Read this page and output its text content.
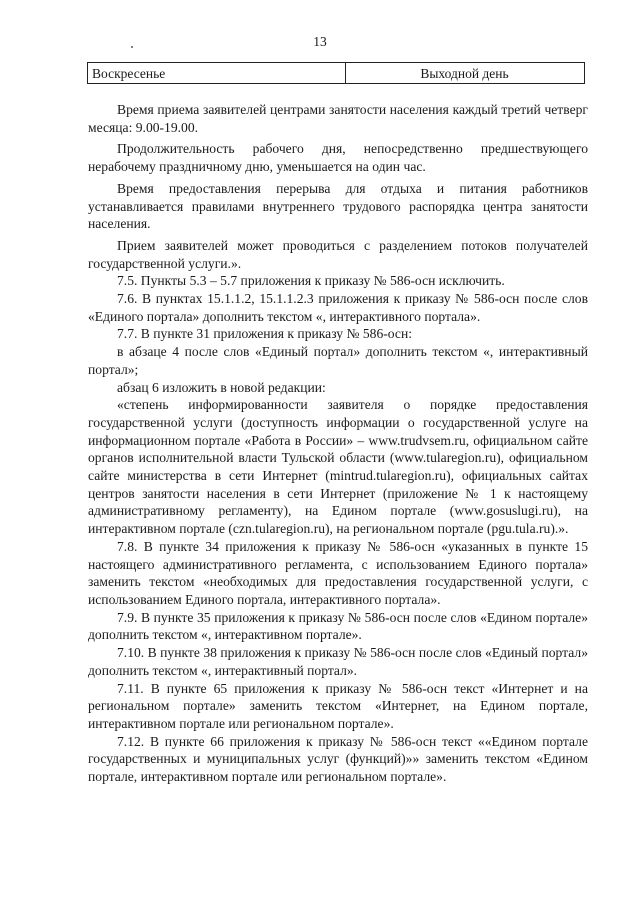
13
Воскресенье	Выходной день

Время приема заявителей центрами занятости населения каждый третий четверг месяца: 9.00-19.00.

Продолжительность рабочего дня, непосредственно предшествующего нерабочему праздничному дню, уменьшается на один час.

Время предоставления перерыва для отдыха и питания работников устанавливается правилами внутреннего трудового распорядка центра занятости населения.

Прием заявителей может проводиться с разделением потоков получателей государственной услуги.».

7.5. Пункты 5.3 – 5.7 приложения к приказу № 586-осн исключить.

7.6. В пунктах 15.1.1.2, 15.1.1.2.3 приложения к приказу № 586-осн после слов «Единого портала» дополнить текстом «, интерактивного портала».

7.7. В пункте 31 приложения к приказу № 586-осн:

в абзаце 4 после слов «Единый портал» дополнить текстом «, интерактивный портал»;

абзац 6 изложить в новой редакции:

«степень информированности заявителя о порядке предоставления государственной услуги (доступность информации о государственной услуге на информационном портале «Работа в России» – www.trudvsem.ru, официальном сайте органов исполнительной власти Тульской области (www.tularegion.ru), официальном сайте министерства в сети Интернет (mintrud.tularegion.ru), официальных сайтах центров занятости населения в сети Интернет (приложение № 1 к настоящему административному регламенту), на Едином портале (www.gosuslugi.ru), на интерактивном портале (czn.tularegion.ru), на региональном портале (pgu.tula.ru).».

7.8. В пункте 34 приложения к приказу № 586-осн «указанных в пункте 15 настоящего административного регламента, с использованием Единого портала» заменить текстом «необходимых для предоставления государственной услуги, с использованием Единого портала, интерактивного портала».

7.9. В пункте 35 приложения к приказу № 586-осн после слов «Едином портале» дополнить текстом «, интерактивном портале».

7.10. В пункте 38 приложения к приказу № 586-осн после слов «Единый портал» дополнить текстом «, интерактивный портал».

7.11. В пункте 65 приложения к приказу № 586-осн текст «Интернет и на региональном портале» заменить текстом «Интернет, на Едином портале, интерактивном портале или региональном портале».

7.12. В пункте 66 приложения к приказу № 586-осн текст ««Едином портале государственных и муниципальных услуг (функций)»» заменить текстом «Едином портале, интерактивном портале или региональном портале».
